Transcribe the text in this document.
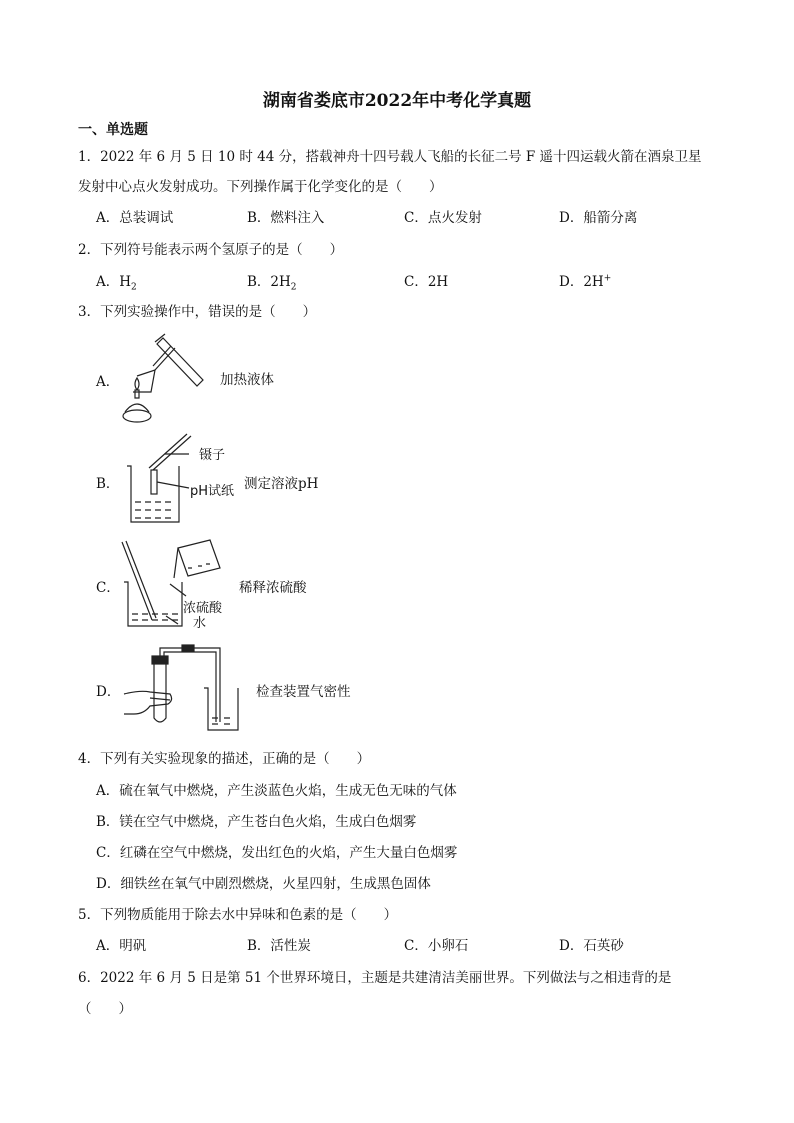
湖南省娄底市2022年中考化学真题
一、单选题
1．2022 年 6 月 5 日 10 时 44 分，搭载神舟十四号载人飞船的长征二号 F 遥十四运载火箭在酒泉卫星
发射中心点火发射成功。下列操作属于化学变化的是（　　）
A．总装调试	B．燃料注入	C．点火发射	D．船箭分离
2．下列符号能表示两个氢原子的是（　　）
A．$H_2$	B．$2H_2$	C．2H	D．2H+
3．下列实验操作中，错误的是（　　）
A．	加热液体
B．
镊子
pH试纸 测定溶液pH
C．
浓硫酸
水
稀释浓硫酸
D．	检查装置气密性
4．下列有关实验现象的描述，正确的是（　　）
A．硫在氧气中燃烧，产生淡蓝色火焰，生成无色无味的气体
B．镁在空气中燃烧，产生苍白色火焰，生成白色烟雾
C．红磷在空气中燃烧，发出红色的火焰，产生大量白色烟雾
D．细铁丝在氧气中剧烈燃烧，火星四射，生成黑色固体
5．下列物质能用于除去水中异味和色素的是（　　）
A．明矾	B．活性炭	C．小卵石	D．石英砂
6．2022 年 6 月 5 日是第 51 个世界环境日，主题是共建清洁美丽世界。下列做法与之相违背的是
（　　）
